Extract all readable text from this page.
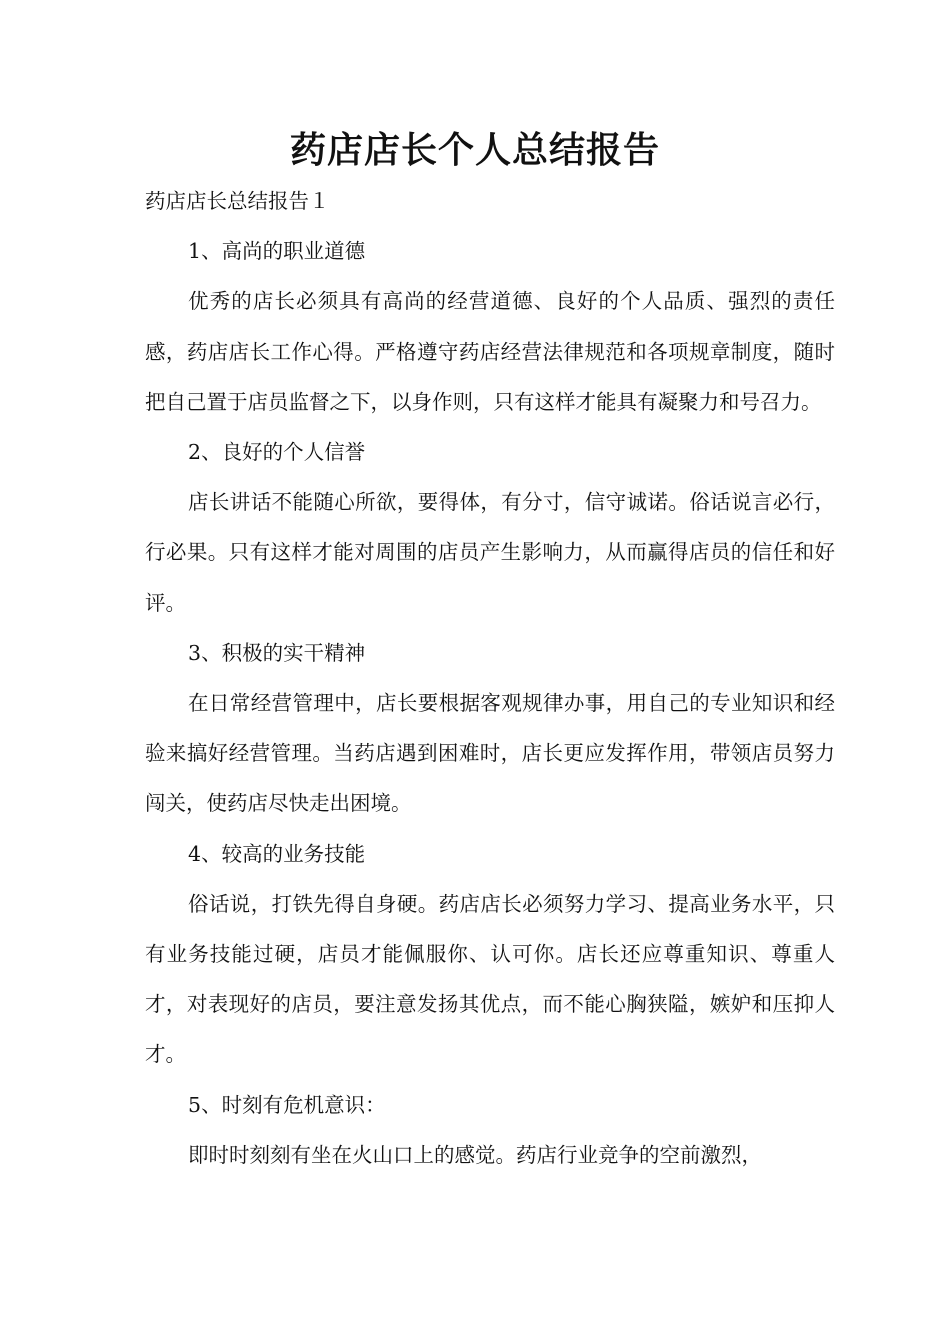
药店店长个人总结报告

药店店长总结报告１

1、高尚的职业道德

优秀的店长必须具有高尚的经营道德、良好的个人品质、强烈的责任感，药店店长工作心得。严格遵守药店经营法律规范和各项规章制度，随时把自己置于店员监督之下，以身作则，只有这样才能具有凝聚力和号召力。

2、良好的个人信誉

店长讲话不能随心所欲，要得体，有分寸，信守诚诺。俗话说言必行，行必果。只有这样才能对周围的店员产生影响力，从而赢得店员的信任和好评。

3、积极的实干精神

在日常经营管理中，店长要根据客观规律办事，用自己的专业知识和经验来搞好经营管理。当药店遇到困难时，店长更应发挥作用，带领店员努力闯关，使药店尽快走出困境。

4、较高的业务技能

俗话说，打铁先得自身硬。药店店长必须努力学习、提高业务水平，只有业务技能过硬，店员才能佩服你、认可你。店长还应尊重知识、尊重人才，对表现好的店员，要注意发扬其优点，而不能心胸狭隘，嫉妒和压抑人才。

5、时刻有危机意识：

即时时刻刻有坐在火山口上的感觉。药店行业竞争的空前激烈，
